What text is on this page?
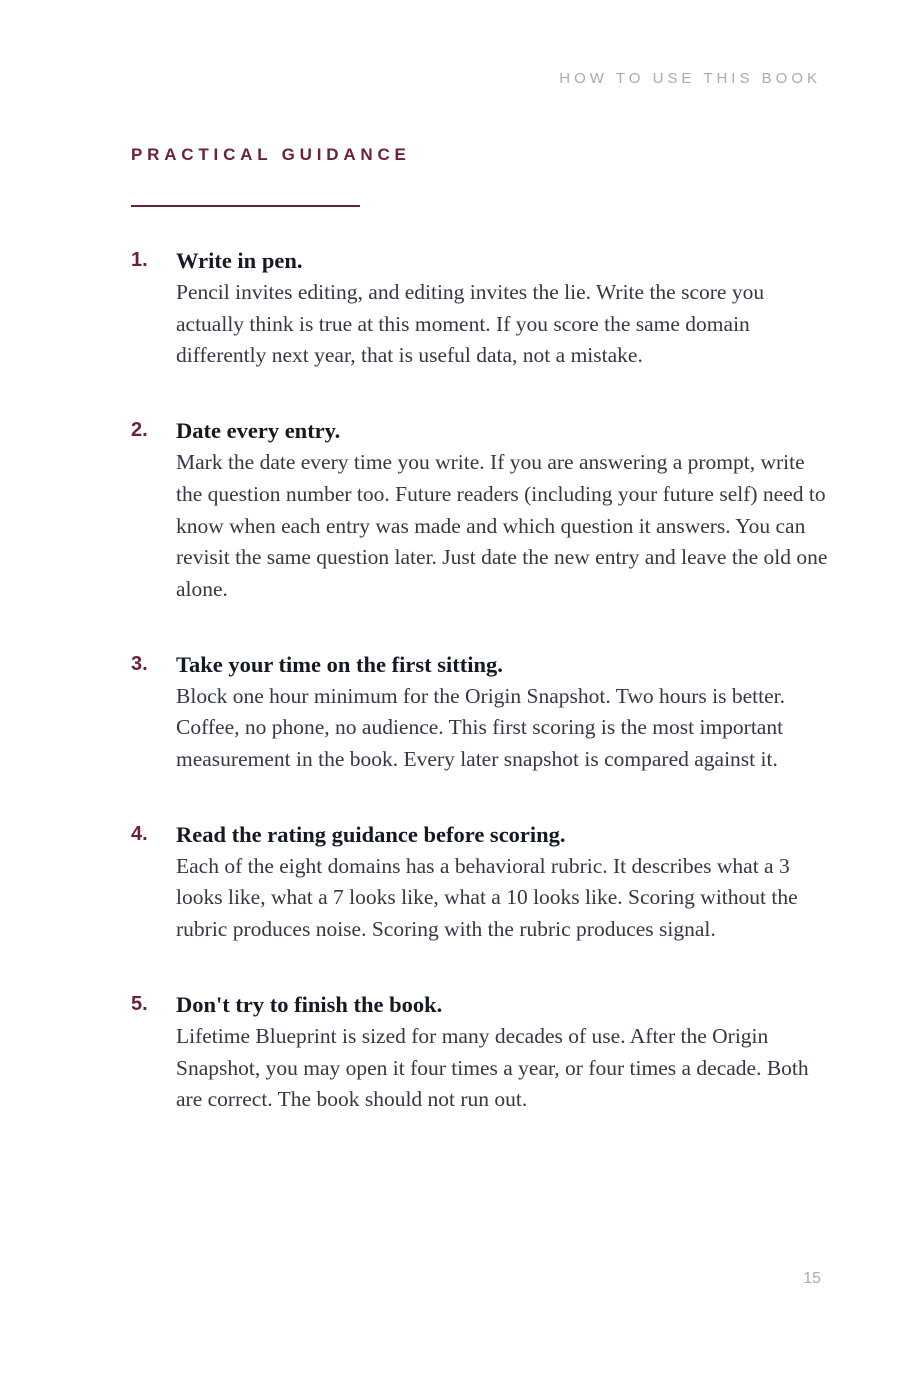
HOW TO USE THIS BOOK
PRACTICAL GUIDANCE
1. Write in pen.
Pencil invites editing, and editing invites the lie. Write the score you actually think is true at this moment. If you score the same domain differently next year, that is useful data, not a mistake.
2. Date every entry.
Mark the date every time you write. If you are answering a prompt, write the question number too. Future readers (including your future self) need to know when each entry was made and which question it answers. You can revisit the same question later. Just date the new entry and leave the old one alone.
3. Take your time on the first sitting.
Block one hour minimum for the Origin Snapshot. Two hours is better. Coffee, no phone, no audience. This first scoring is the most important measurement in the book. Every later snapshot is compared against it.
4. Read the rating guidance before scoring.
Each of the eight domains has a behavioral rubric. It describes what a 3 looks like, what a 7 looks like, what a 10 looks like. Scoring without the rubric produces noise. Scoring with the rubric produces signal.
5. Don't try to finish the book.
Lifetime Blueprint is sized for many decades of use. After the Origin Snapshot, you may open it four times a year, or four times a decade. Both are correct. The book should not run out.
15
